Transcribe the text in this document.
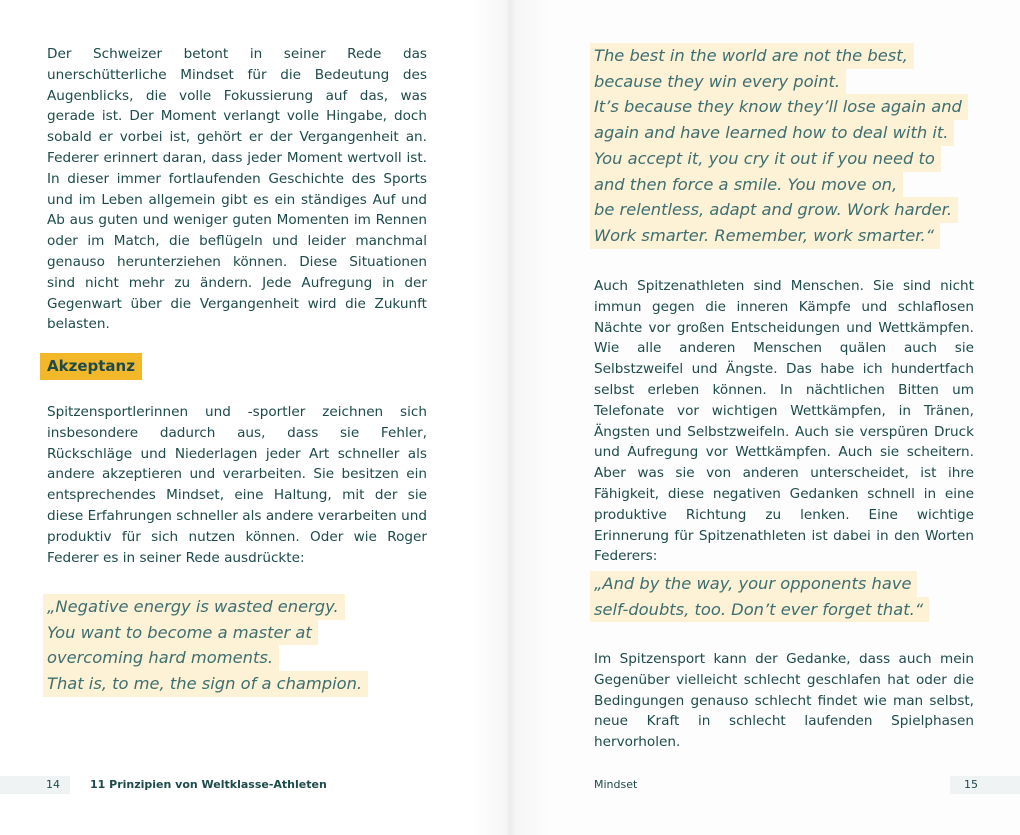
Der Schweizer betont in seiner Rede das unerschütterliche Mindset für die Bedeutung des Augenblicks, die volle Fokussierung auf das, was gerade ist. Der Moment verlangt volle Hingabe, doch sobald er vorbei ist, gehört er der Vergangenheit an. Federer erinnert daran, dass jeder Moment wertvoll ist. In dieser immer fortlaufenden Geschichte des Sports und im Leben allgemein gibt es ein ständiges Auf und Ab aus guten und weniger guten Momenten im Rennen oder im Match, die beflügeln und leider manchmal genauso herunterziehen können. Diese Situationen sind nicht mehr zu ändern. Jede Aufregung in der Gegenwart über die Vergangenheit wird die Zukunft belasten.

Akzeptanz

Spitzensportlerinnen und -sportler zeichnen sich insbesondere dadurch aus, dass sie Fehler, Rückschläge und Niederlagen jeder Art schneller als andere akzeptieren und verarbeiten. Sie besitzen ein entsprechendes Mindset, eine Haltung, mit der sie diese Erfahrungen schneller als andere verarbeiten und produktiv für sich nutzen können. Oder wie Roger Federer es in seiner Rede ausdrückte:

„Negative energy is wasted energy.
You want to become a master at
overcoming hard moments.
That is, to me, the sign of a champion.
The best in the world are not the best,
because they win every point.
It’s because they know they’ll lose again and
again and have learned how to deal with it.
You accept it, you cry it out if you need to
and then force a smile. You move on,
be relentless, adapt and grow. Work harder.
Work smarter. Remember, work smarter.“

Auch Spitzenathleten sind Menschen. Sie sind nicht immun gegen die inneren Kämpfe und schlaflosen Nächte vor großen Entscheidungen und Wettkämpfen. Wie alle anderen Menschen quälen auch sie Selbstzweifel und Ängste. Das habe ich hundertfach selbst erleben können. In nächtlichen Bitten um Telefonate vor wichtigen Wettkämpfen, in Tränen, Ängsten und Selbstzweifeln. Auch sie verspüren Druck und Aufregung vor Wettkämpfen. Auch sie scheitern. Aber was sie von anderen unterscheidet, ist ihre Fähigkeit, diese negativen Gedanken schnell in eine produktive Richtung zu lenken. Eine wichtige Erinnerung für Spitzenathleten ist dabei in den Worten Federers:

„And by the way, your opponents have
self-doubts, too. Don’t ever forget that.“

Im Spitzensport kann der Gedanke, dass auch mein Gegenüber vielleicht schlecht geschlafen hat oder die Bedingungen genauso schlecht findet wie man selbst, neue Kraft in schlecht laufenden Spielphasen hervorholen.

14	11 Prinzipien von Weltklasse-Athleten	Mindset	15
